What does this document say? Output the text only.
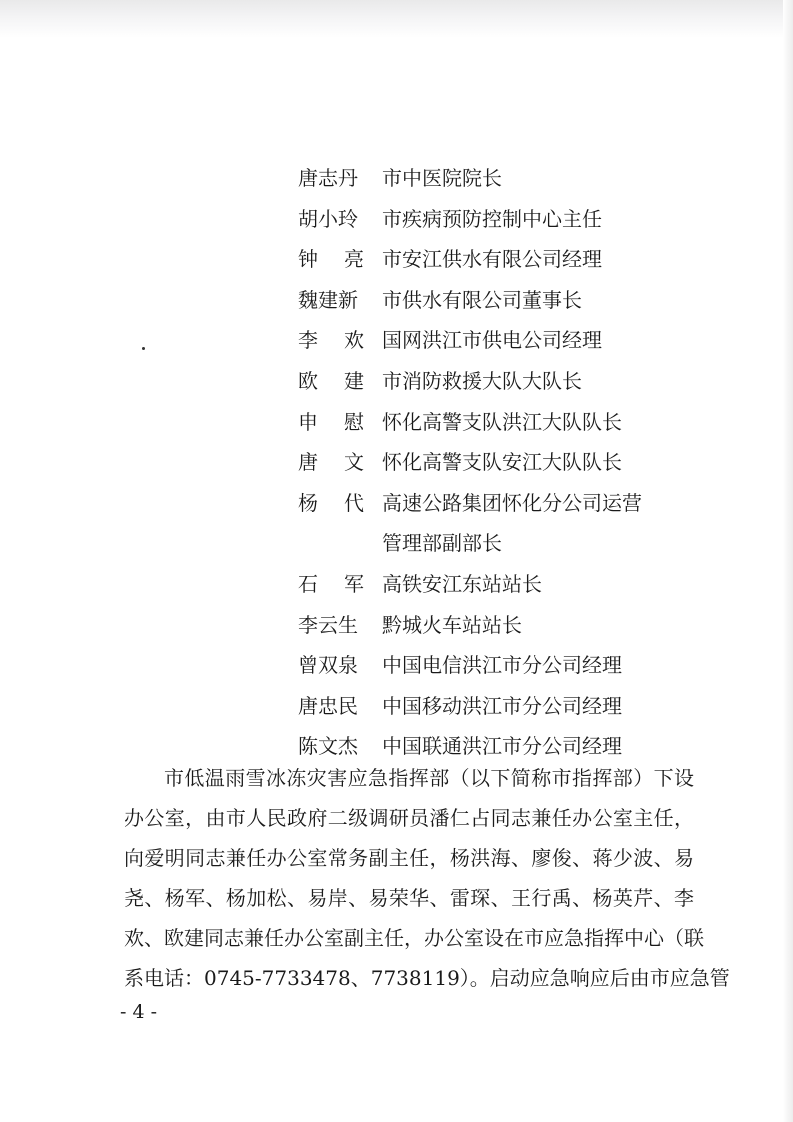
唐志丹	市中医院院长
胡小玲	市疾病预防控制中心主任
钟亮 市安江供水有限公司经理
魏建新	市供水有限公司董事长
李欢 国网洪江市供电公司经理
欧建 市消防救援大队大队长
申慰 怀化高警支队洪江大队队长
唐文 怀化高警支队安江大队队长
杨代 高速公路集团怀化分公司运营
管理部副部长
石军 高铁安江东站站长
李云生	黔城火车站站长
曾双泉	中国电信洪江市分公司经理
唐忠民	中国移动洪江市分公司经理
陈文杰	中国联通洪江市分公司经理
市低温雨雪冰冻灾害应急指挥部（以下简称市指挥部）下设
办公室，由市人民政府二级调研员潘仁占同志兼任办公室主任，
向爱明同志兼任办公室常务副主任，杨洪海、廖俊、蒋少波、易
尧、杨军、杨加松、易岸、易荣华、雷琛、王行禹、杨英芹、李
欢、欧建同志兼任办公室副主任，办公室设在市应急指挥中心（联
系电话：0745-7733478、7738119）。启动应急响应后由市应急管
- 4 -
